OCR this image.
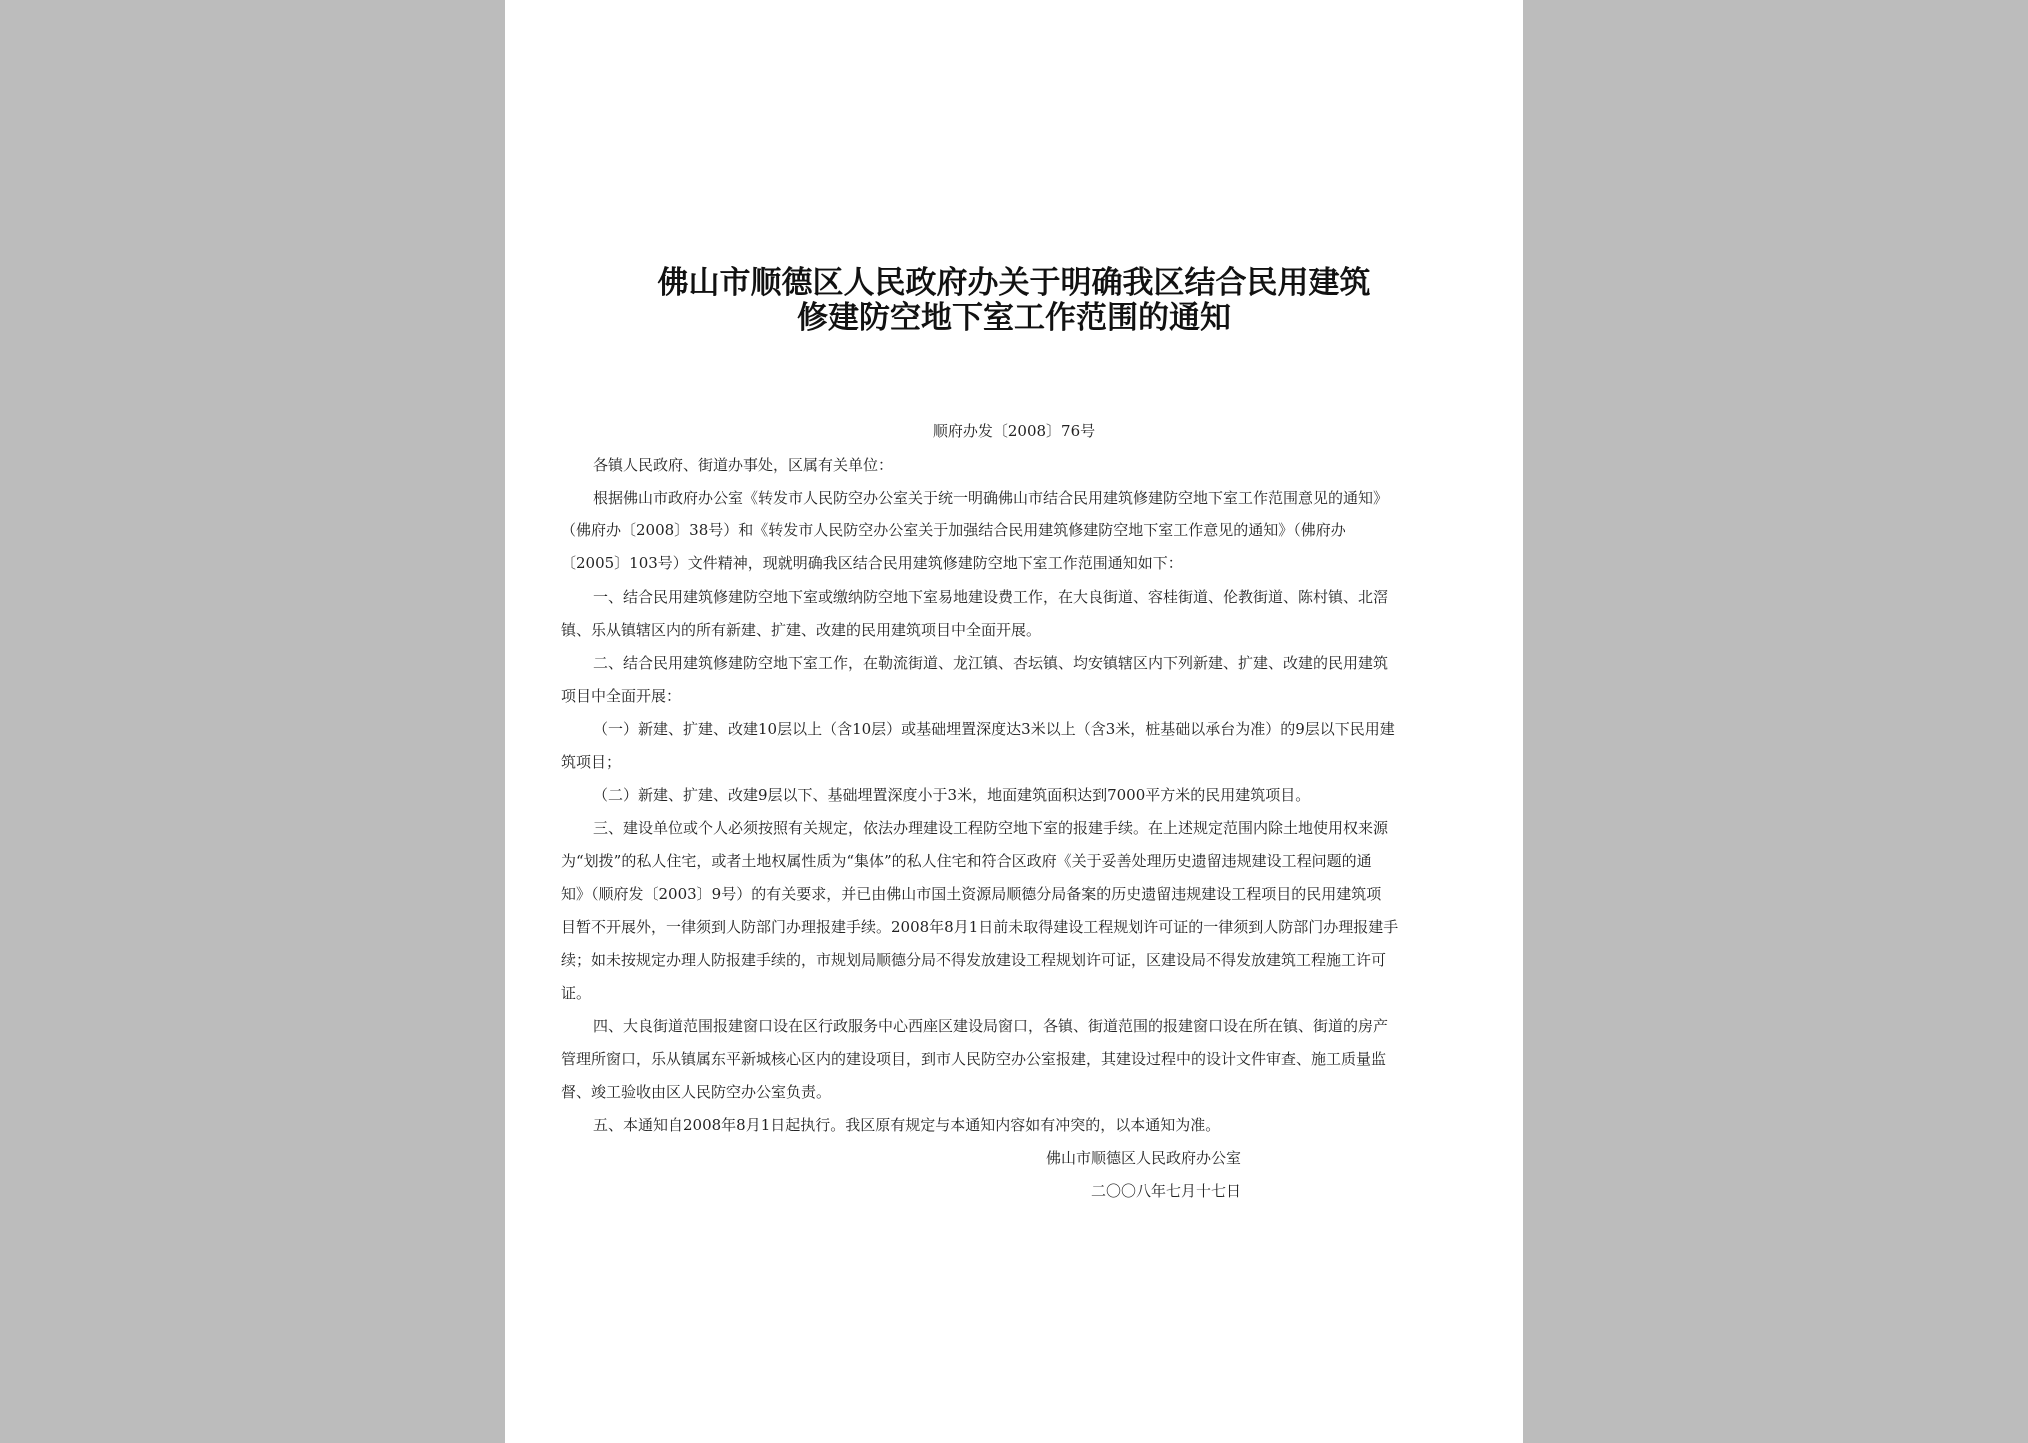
佛山市顺德区人民政府办关于明确我区结合民用建筑
修建防空地下室工作范围的通知
顺府办发〔2008〕76号
各镇人民政府、街道办事处，区属有关单位：
根据佛山市政府办公室《转发市人民防空办公室关于统一明确佛山市结合民用建筑修建防空地下室工作范围意见的通知》
（佛府办〔2008〕38号）和《转发市人民防空办公室关于加强结合民用建筑修建防空地下室工作意见的通知》（佛府办
〔2005〕103号）文件精神，现就明确我区结合民用建筑修建防空地下室工作范围通知如下：
一、结合民用建筑修建防空地下室或缴纳防空地下室易地建设费工作，在大良街道、容桂街道、伦教街道、陈村镇、北滘
镇、乐从镇辖区内的所有新建、扩建、改建的民用建筑项目中全面开展。
二、结合民用建筑修建防空地下室工作，在勒流街道、龙江镇、杏坛镇、均安镇辖区内下列新建、扩建、改建的民用建筑
项目中全面开展：
（一）新建、扩建、改建10层以上（含10层）或基础埋置深度达3米以上（含3米，桩基础以承台为准）的9层以下民用建
筑项目；
（二）新建、扩建、改建9层以下、基础埋置深度小于3米，地面建筑面积达到7000平方米的民用建筑项目。
三、建设单位或个人必须按照有关规定，依法办理建设工程防空地下室的报建手续。在上述规定范围内除土地使用权来源
为“划拨”的私人住宅，或者土地权属性质为“集体”的私人住宅和符合区政府《关于妥善处理历史遗留违规建设工程问题的通
知》（顺府发〔2003〕9号）的有关要求，并已由佛山市国土资源局顺德分局备案的历史遗留违规建设工程项目的民用建筑项
目暂不开展外，一律须到人防部门办理报建手续。2008年8月1日前未取得建设工程规划许可证的一律须到人防部门办理报建手
续；如未按规定办理人防报建手续的，市规划局顺德分局不得发放建设工程规划许可证，区建设局不得发放建筑工程施工许可
证。
四、大良街道范围报建窗口设在区行政服务中心西座区建设局窗口，各镇、街道范围的报建窗口设在所在镇、街道的房产
管理所窗口，乐从镇属东平新城核心区内的建设项目，到市人民防空办公室报建，其建设过程中的设计文件审查、施工质量监
督、竣工验收由区人民防空办公室负责。
五、本通知自2008年8月1日起执行。我区原有规定与本通知内容如有冲突的，以本通知为准。
佛山市顺德区人民政府办公室
二〇〇八年七月十七日
